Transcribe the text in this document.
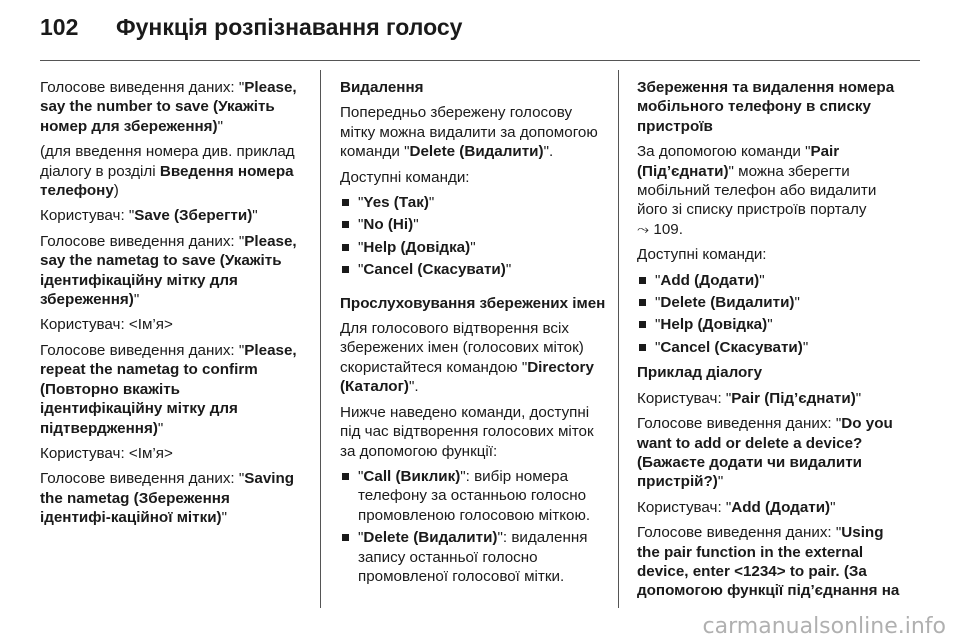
102 Функція розпізнавання голосу

Голосове виведення даних: "Please, say the number to save (Укажіть номер для збереження)"

(для введення номера див. приклад діалогу в розділі Введення номера телефону)

Користувач: "Save (Зберегти)"

Голосове виведення даних: "Please, say the nametag to save (Укажіть ідентифікаційну мітку для збереження)"

Користувач: <Ім’я>

Голосове виведення даних: "Please, repeat the nametag to confirm (Повторно вкажіть ідентифікаційну мітку для підтвердження)"

Користувач: <Ім’я>

Голосове виведення даних: "Saving the nametag (Збереження ідентифі‐каційної мітки)"

Видалення

Попередньо збережену голосову мітку можна видалити за допомогою команди "Delete (Видалити)".

Доступні команди:

"Yes (Так)"
"No (Ні)"
"Help (Довідка)"
"Cancel (Скасувати)"

Прослуховування збережених імен

Для голосового відтворення всіх збережених імен (голосових міток) скористайтеся командою "Directory (Каталог)".

Нижче наведено команди, доступні під час відтворення голосових міток за допомогою функції:

"Call (Виклик)": вибір номера телефону за останньою голосно промовленою голосовою міткою.
"Delete (Видалити)": видалення запису останньої голосно промовленої голосової мітки.

Збереження та видалення номера мобільного телефону в списку пристроїв

За допомогою команди "Pair (Під’єднати)" можна зберегти мобільний телефон або видалити його зі списку пристроїв порталу
⤳ 109.

Доступні команди:

"Add (Додати)"
"Delete (Видалити)"
"Help (Довідка)"
"Cancel (Скасувати)"

Приклад діалогу

Користувач: "Pair (Під’єднати)"

Голосове виведення даних: "Do you want to add or delete a device? (Бажаєте додати чи видалити пристрій?)"

Користувач: "Add (Додати)"

Голосове виведення даних: "Using the pair function in the external device, enter <1234> to pair. (За допомогою функції під’єднання на

carmanualsonline.info
